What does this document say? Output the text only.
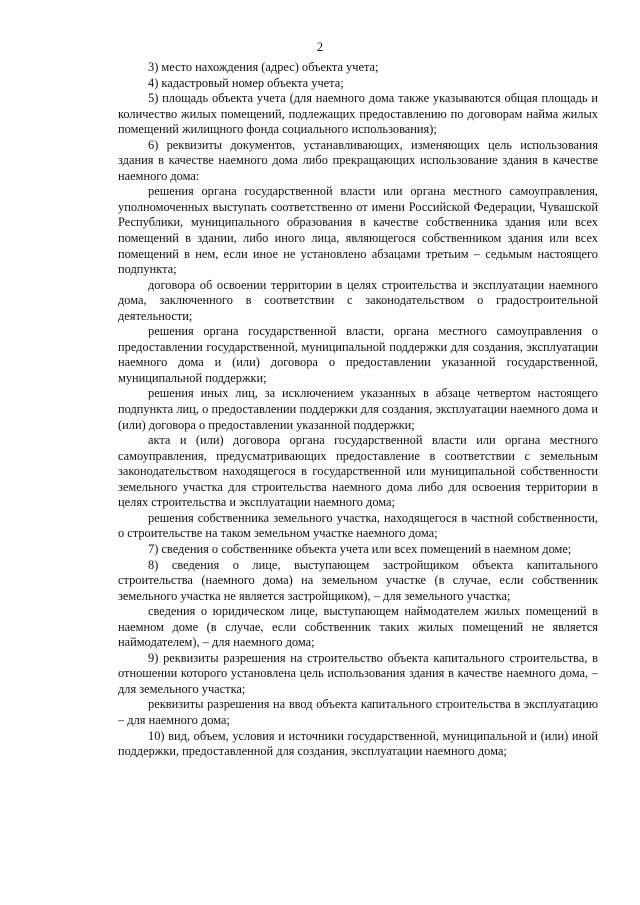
2

3) место нахождения (адрес) объекта учета;

4) кадастровый номер объекта учета;

5) площадь объекта учета (для наемного дома также указываются общая площадь и количество жилых помещений, подлежащих предоставлению по договорам найма жилых помещений жилищного фонда социального использования);

6) реквизиты документов, устанавливающих, изменяющих цель использования здания в качестве наемного дома либо прекращающих использование здания в качестве наемного дома:

решения органа государственной власти или органа местного самоуправления, уполномоченных выступать соответственно от имени Российской Федерации, Чувашской Республики, муниципального образования в качестве собственника здания или всех помещений в здании, либо иного лица, являющегося собственником здания или всех помещений в нем, если иное не установлено абзацами третьим – седьмым настоящего подпункта;

договора об освоении территории в целях строительства и эксплуатации наемного дома, заключенного в соответствии с законодательством о градостроительной деятельности;

решения органа государственной власти, органа местного самоуправления о предоставлении государственной, муниципальной поддержки для создания, эксплуатации наемного дома и (или) договора о предоставлении указанной государственной, муниципальной поддержки;

решения иных лиц, за исключением указанных в абзаце четвертом настоящего подпункта лиц, о предоставлении поддержки для создания, эксплуатации наемного дома и (или) договора о предоставлении указанной поддержки;

акта и (или) договора органа государственной власти или органа местного самоуправления, предусматривающих предоставление в соответствии с земельным законодательством находящегося в государственной или муниципальной собственности земельного участка для строительства наемного дома либо для освоения территории в целях строительства и эксплуатации наемного дома;

решения собственника земельного участка, находящегося в частной собственности, о строительстве на таком земельном участке наемного дома;

7) сведения о собственнике объекта учета или всех помещений в наемном доме;

8) сведения о лице, выступающем застройщиком объекта капитального строительства (наемного дома) на земельном участке (в случае, если собственник земельного участка не является застройщиком), – для земельного участка;

сведения о юридическом лице, выступающем наймодателем жилых помещений в наемном доме (в случае, если собственник таких жилых помещений не является наймодателем), – для наемного дома;

9) реквизиты разрешения на строительство объекта капитального строительства, в отношении которого установлена цель использования здания в качестве наемного дома, – для земельного участка;

реквизиты разрешения на ввод объекта капитального строительства в эксплуатацию – для наемного дома;

10) вид, объем, условия и источники государственной, муниципальной и (или) иной поддержки, предоставленной для создания, эксплуатации наемного дома;
